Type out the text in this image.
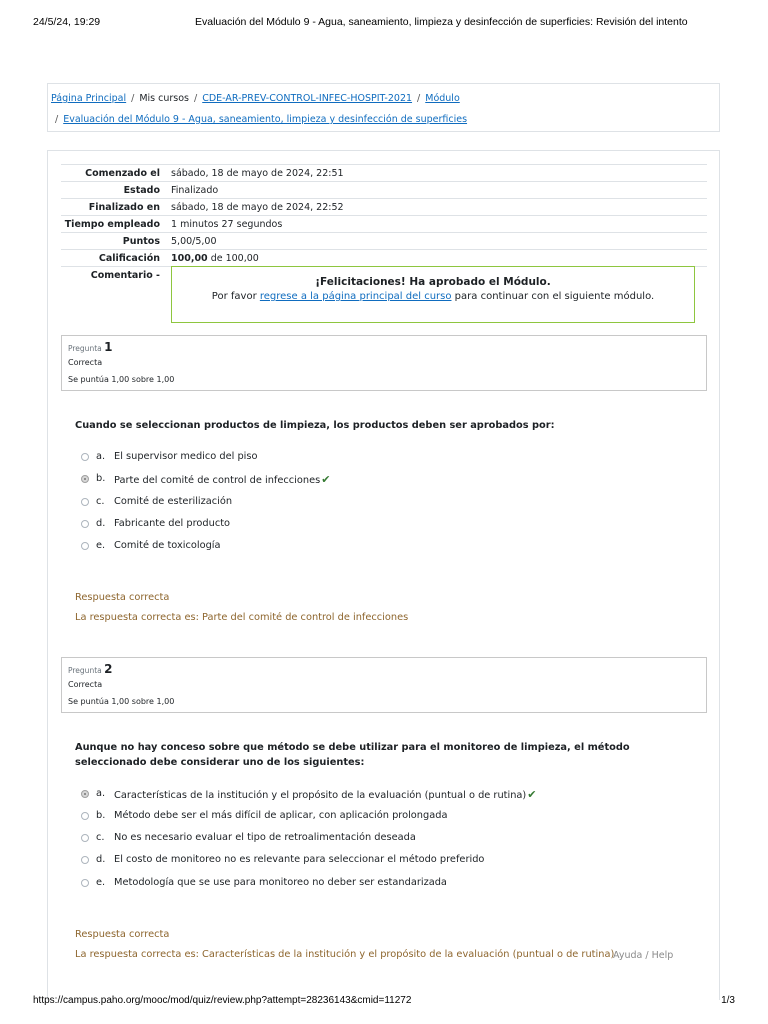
24/5/24, 19:29	Evaluación del Módulo 9 - Agua, saneamiento, limpieza y desinfección de superficies: Revisión del intento
Página Principal / Mis cursos / CDE-AR-PREV-CONTROL-INFEC-HOSPIT-2021 / Módulo
/ Evaluación del Módulo 9 - Agua, saneamiento, limpieza y desinfección de superficies
Comenzado el sábado, 18 de mayo de 2024, 22:51
Estado Finalizado
Finalizado en sábado, 18 de mayo de 2024, 22:52
Tiempo empleado 1 minutos 27 segundos
Puntos 5,00/5,00
Calificación 100,00 de 100,00
Comentario -
¡Felicitaciones! Ha aprobado el Módulo.
Por favor regrese a la página principal del curso para continuar con el siguiente módulo.
Pregunta 1
Correcta
Se puntúa 1,00 sobre 1,00
Cuando se seleccionan productos de limpieza, los productos deben ser aprobados por:
a. El supervisor medico del piso
b. Parte del comité de control de infecciones✔
c. Comité de esterilización
d. Fabricante del producto
e. Comité de toxicología
Respuesta correcta
La respuesta correcta es: Parte del comité de control de infecciones
Pregunta 2
Correcta
Se puntúa 1,00 sobre 1,00
Aunque no hay conceso sobre que método se debe utilizar para el monitoreo de limpieza, el método seleccionado debe considerar uno de los siguientes:
a. Características de la institución y el propósito de la evaluación (puntual o de rutina)✔
b. Método debe ser el más difícil de aplicar, con aplicación prolongada
c. No es necesario evaluar el tipo de retroalimentación deseada
d. El costo de monitoreo no es relevante para seleccionar el método preferido
e. Metodología que se use para monitoreo no deber ser estandarizada
Respuesta correcta
La respuesta correcta es: Características de la institución y el propósito de la evaluación (puntual o de rutina)
Ayuda / Help
https://campus.paho.org/mooc/mod/quiz/review.php?attempt=28236143&cmid=11272	1/3
